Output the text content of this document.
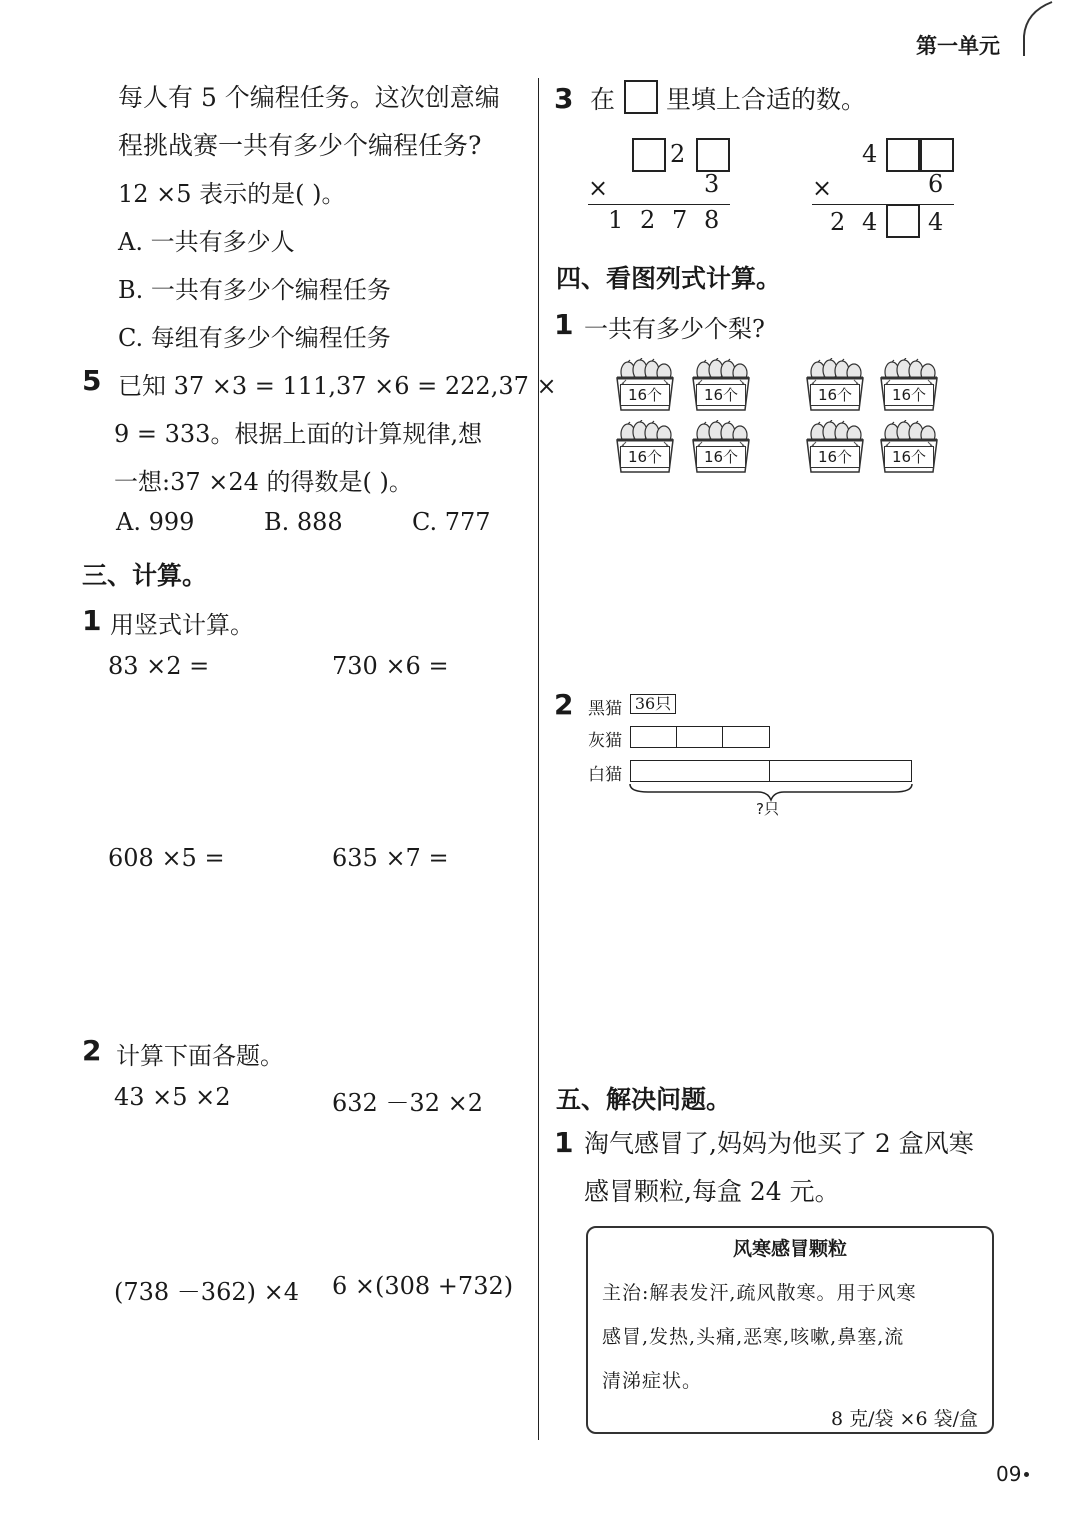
第一单元
每人有 5 个编程任务。这次创意编
程挑战赛一共有多少个编程任务?
12 ×5 表示的是( )。
A. 一共有多少人
B. 一共有多少个编程任务
C. 每组有多少个编程任务
5 已知 37 ×3 = 111,37 ×6 = 222,37 ×
9 = 333。根据上面的计算规律,想
一想:37 ×24 的得数是( )。
A. 999	B. 888	C. 777
三、计算。
1 用竖式计算。
83 ×2 =	730 ×6 =
608 ×5 =	635 ×7 =
2 计算下面各题。
43 ×5 ×2	632 －32 ×2
(738 －362) ×4 6 ×(308 +732)
3 在 里填上合适的数。
2
×	3
1 2 7 8
4
×	6
2 4 4
四、看图列式计算。
1 一共有多少个梨?
16个	16个	16个	16个
16个	16个	16个	16个
2 黑猫 36只
灰猫
白猫
?只
五、解决问题。
1 淘气感冒了,妈妈为他买了 2 盒风寒
感冒颗粒,每盒 24 元。
风寒感冒颗粒
主治:解表发汗,疏风散寒。用于风寒
感冒,发热,头痛,恶寒,咳嗽,鼻塞,流
清涕症状。
8 克/袋 ×6 袋/盒
09
